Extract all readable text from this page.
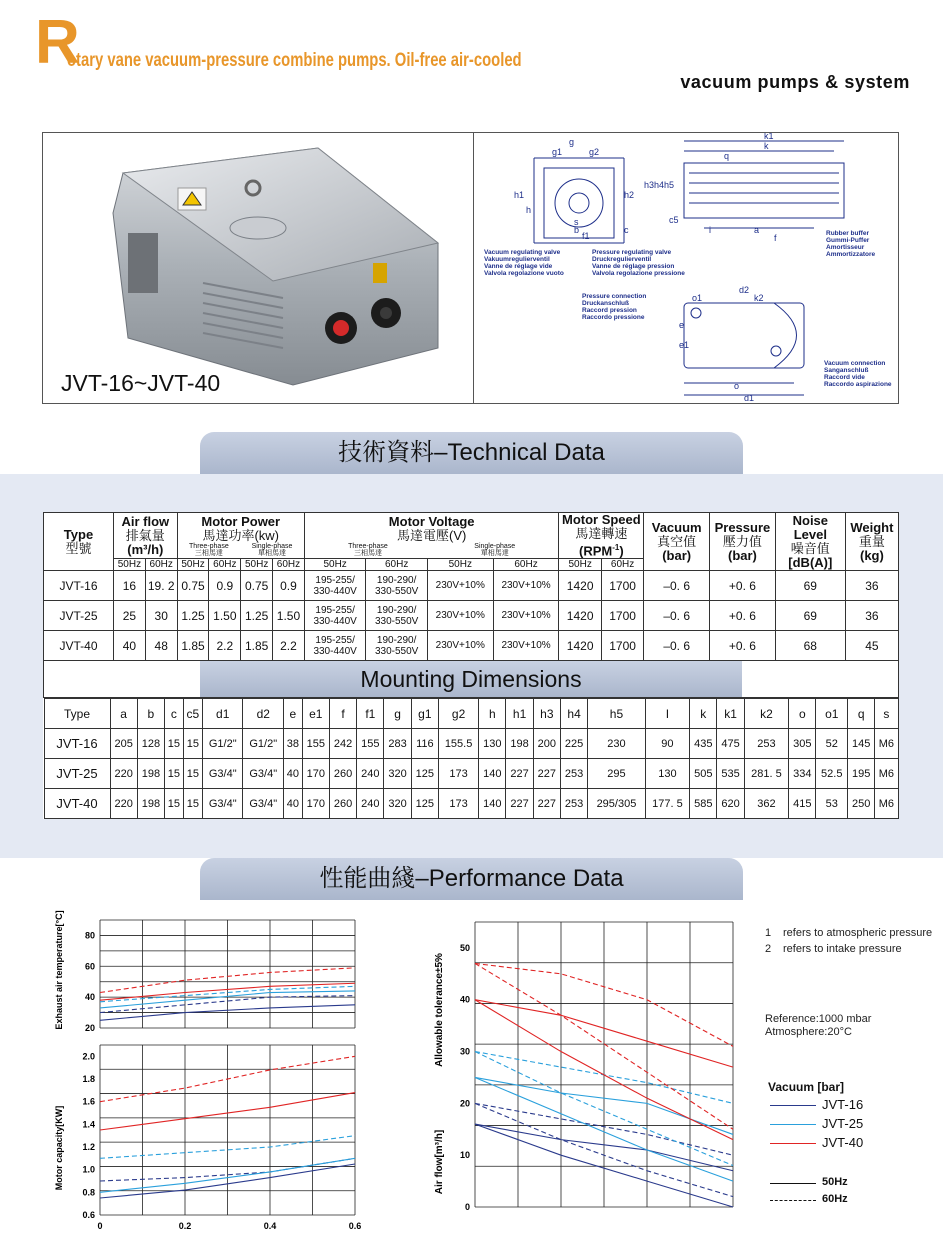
R
otary vane vacuum-pressure combine pumps. Oil-free air-cooled
vacuum pumps & system
JVT-16~JVT-40
Vacuum regulating valve
Vakuumregulierventil
Vanne de réglage vide
Valvola regolazione vuoto
Pressure regulating valve
Druckregulierventil
Vanne de réglage pression
Valvola regolazione pressione
Rubber buffer
Gummi-Puffer
Amortisseur
Ammortizzatore
Pressure connection
Druckanschluß
Raccord pression
Raccordo pressione
Vacuum connection
Sanganschluß
Raccord vide
Raccordo aspirazione
g
g1	g2
h1
h
h2
h3 h4 h5
b
s
f1
c
k1
k
q
i	a
f
c5
d2
k2
o1
e
e1
o
d1
技術資料–Technical Data
Type
型號

Air flow
排氣量
(m³/h)

Motor Power
馬達功率(kw)
Three-phase
三相馬達
Single-phase
單相馬達

Motor Voltage
馬達電壓(V)
Three-phase
三相馬達
Single-phase
單相馬達

Motor Speed
馬達轉速
$(RPM^{-1})$

Vacuum
真空值
(bar)

Pressure
壓力值
(bar)

Noise Level
噪音值
[dB(A)]

Weight
重量
(kg)

50Hz	60Hz	50Hz	60Hz	50Hz	60Hz	50Hz	60Hz	50Hz	60Hz	50Hz	60Hz
JVT-16	16	19. 2	0.75	0.9	0.75	0.9	195-255/
330-440V	190-290/
330-550V	230V+10%	230V+10%	1420	1700	–0. 6	+0. 6	69	36
JVT-25	25	30	1.25	1.50	1.25	1.50	195-255/
330-440V	190-290/
330-550V	230V+10%	230V+10%	1420	1700	–0. 6	+0. 6	69	36
JVT-40	40	48	1.85	2.2	1.85	2.2	195-255/
330-440V	190-290/
330-550V	230V+10%	230V+10%	1420	1700	–0. 6	+0. 6	68	45
Mounting Dimensions

Type	a	b	c	c5	d1	d2	e	e1	f	f1	g	g1	g2	h	h1	h3	h4	h5	I	k	k1	k2	o	o1	q	s
JVT-16	205	128	15	15	G1/2"	G1/2"	38	155	242	155	283	116	155.5	130	198	200	225	230	90	435	475	253	305	52	145	M6
JVT-25	220	198	15	15	G3/4"	G3/4"	40	170	260	240	320	125	173	140	227	227	253	295	130	505	535	281. 5	334	52.5	195	M6
JVT-40	220	198	15	15	G3/4"	G3/4"	40	170	260	240	320	125	173	140	227	227	253	295/305	177. 5	585	620	362	415	53	250	M6
性能曲綫–Performance Data
80
60
40
20
2.0
1.8
1.6
1.4
1.2
1.0
0.8
0.6
0	0.2	0.4	0.6
Exhaust air temperature[°C]
Motor capacity[KW]
50
40
30
20
10
0
Allowable tolerance±5%
Air flow[m³/h]
1 refers to atmospheric pressure
2 refers to intake pressure
Reference:1000 mbar
Atmosphere:20°C
Vacuum [bar]
JVT-16
JVT-25
JVT-40
50Hz
60Hz
